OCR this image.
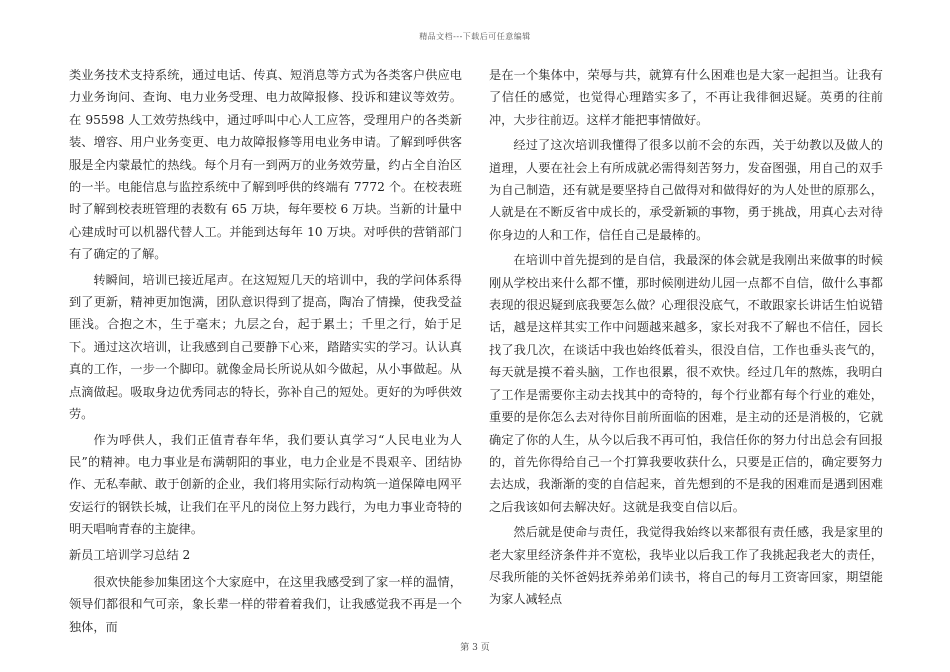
精品文档---下载后可任意编辑

类业务技术支持系统，通过电话、传真、短消息等方式为各类客户供应电力业务询问、查询、电力业务受理、电力故障报修、投诉和建议等效劳。在 95598 人工效劳热线中，通过呼叫中心人工应答，受理用户的各类新装、增容、用户业务变更、电力故障报修等用电业务申请。了解到呼供客服是全内蒙最忙的热线。每个月有一到两万的业务效劳量，约占全自治区的一半。电能信息与监控系统中了解到呼供的终端有 7772 个。在校表班时了解到校表班管理的表数有 65 万块，每年要校 6 万块。当新的计量中心建成时可以机器代替人工。并能到达每年 10 万块。对呼供的营销部门有了确定的了解。

转瞬间，培训已接近尾声。在这短短几天的培训中，我的学问体系得到了更新，精神更加饱满，团队意识得到了提高，陶冶了情操，使我受益匪浅。合抱之木，生于毫末；九层之台，起于累土；千里之行，始于足下。通过这次培训，让我感到自己要静下心来，踏踏实实的学习。认认真真的工作，一步一个脚印。就像金局长所说从如今做起，从小事做起。从点滴做起。吸取身边优秀同志的特长，弥补自己的短处。更好的为呼供效劳。

作为呼供人，我们正值青春年华，我们要认真学习“人民电业为人民”的精神。电力事业是布满朝阳的事业，电力企业是不畏艰辛、团结协作、无私奉献、敢于创新的企业，我们将用实际行动构筑一道保障电网平安运行的钢铁长城，让我们在平凡的岗位上努力践行，为电力事业奇特的明天唱响青春的主旋律。

新员工培训学习总结 2

很欢快能参加集团这个大家庭中，在这里我感受到了家一样的温情，领导们都很和气可亲，象长辈一样的带着着我们，让我感觉我不再是一个独体，而

是在一个集体中，荣辱与共，就算有什么困难也是大家一起担当。让我有了信任的感觉，也觉得心理踏实多了，不再让我徘徊迟疑。英勇的往前冲，大步往前迈。这样才能把事情做好。

经过了这次培训我懂得了很多以前不会的东西，关于幼教以及做人的道理，人要在社会上有所成就必需得刻苦努力，发奋图强，用自己的双手为自己制造，还有就是要坚持自己做得对和做得好的为人处世的原那么，人就是在不断反省中成长的，承受新颖的事物，勇于挑战，用真心去对待你身边的人和工作，信任自己是最棒的。

在培训中首先提到的是自信，我最深的体会就是我刚出来做事的时候刚从学校出来什么都不懂，那时候刚进幼儿园一点都不自信，做什么事都表现的很迟疑到底我要怎么做？心理很没底气，不敢跟家长讲话生怕说错话，越是这样其实工作中问题越来越多，家长对我不了解也不信任，园长找了我几次，在谈话中我也始终低着头，很没自信，工作也垂头丧气的，每天就是摸不着头脑，工作也很累，很不欢快。经过几年的熬炼，我明白了工作是需要你主动去找其中的奇特的，每个行业都有每个行业的难处，重要的是你怎么去对待你目前所面临的困难，是主动的还是消极的，它就确定了你的人生，从今以后我不再可怕，我信任你的努力付出总会有回报的，首先你得给自己一个打算我要收获什么，只要是正信的，确定要努力去达成，我渐渐的变的自信起来，首先想到的不是我的困难而是遇到困难之后我该如何去解决好。这就是我变自信以后。

然后就是使命与责任，我觉得我始终以来都很有责任感，我是家里的老大家里经济条件并不宽松，我毕业以后我工作了我挑起我老大的责任，尽我所能的关怀爸妈抚养弟弟们读书，将自己的每月工资寄回家，期望能为家人减轻点

第 3 页
